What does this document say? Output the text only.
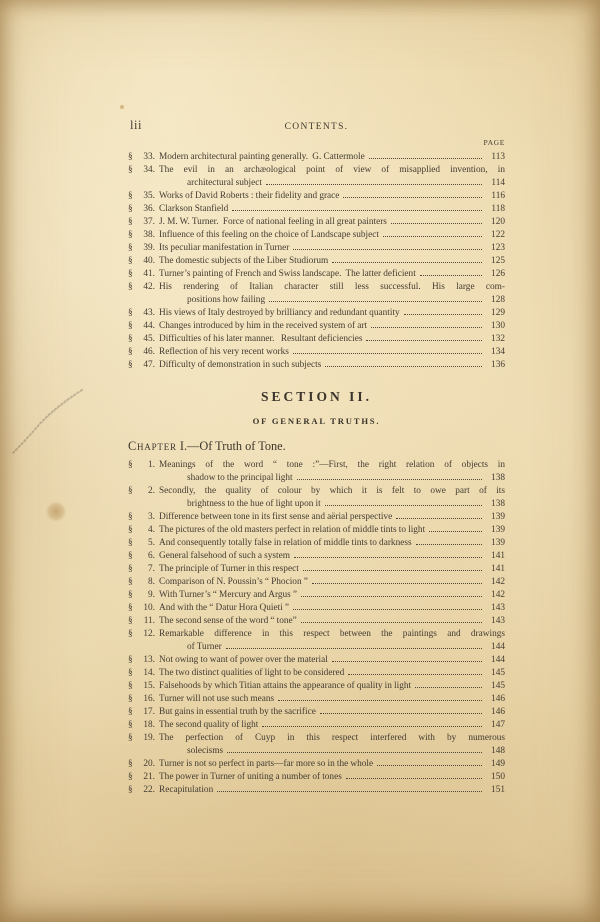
lii	CONTENTS.
PAGE
§ 33. Modern architectural painting generally.  G. Cattermole	113
§ 34. The evil in an archæological point of view of misapplied invention, in
architectural subject	114
§ 35. Works of David Roberts : their fidelity and grace	116
§ 36. Clarkson Stanfield	118
§ 37. J. M. W. Turner.  Force of national feeling in all great painters	120
§ 38. Influence of this feeling on the choice of Landscape subject	122
§ 39. Its peculiar manifestation in Turner	123
§ 40. The domestic subjects of the Liber Studiorum	125
§ 41. Turner’s painting of French and Swiss landscape.  The latter deficient	126
§ 42. His rendering of Italian character still less successful. His large com-
positions how failing	128
§ 43. His views of Italy destroyed by brilliancy and redundant quantity	129
§ 44. Changes introduced by him in the received system of art	130
§ 45. Difficulties of his later manner.   Resultant deficiencies	132
§ 46. Reflection of his very recent works	134
§ 47. Difficulty of demonstration in such subjects	136
SECTION II.
OF GENERAL TRUTHS.
Chapter I.—Of Truth of Tone.
§ 1. Meanings of the word “ tone :”—First, the right relation of objects in
shadow to the principal light	138
§ 2. Secondly, the quality of colour by which it is felt to owe part of its
brightness to the hue of light upon it	138
§ 3. Difference between tone in its first sense and aërial perspective	139
§ 4. The pictures of the old masters perfect in relation of middle tints to light	139
§ 5. And consequently totally false in relation of middle tints to darkness	139
§ 6. General falsehood of such a system	141
§ 7. The principle of Turner in this respect	141
§ 8. Comparison of N. Poussin’s “ Phocion ”	142
§ 9. With Turner’s “ Mercury and Argus ”	142
§ 10. And with the “ Datur Hora Quieti ”	143
§ 11. The second sense of the word “ tone”	143
§ 12. Remarkable difference in this respect between the paintings and drawings
of Turner	144
§ 13. Not owing to want of power over the material	144
§ 14. The two distinct qualities of light to be considered	145
§ 15. Falsehoods by which Titian attains the appearance of quality in light	145
§ 16. Turner will not use such means	146
§ 17. But gains in essential truth by the sacrifice	146
§ 18. The second quality of light	147
§ 19. The perfection of Cuyp in this respect interfered with by numerous
solecisms	148
§ 20. Turner is not so perfect in parts—far more so in the whole	149
§ 21. The power in Turner of uniting a number of tones	150
§ 22. Recapitulation	151
